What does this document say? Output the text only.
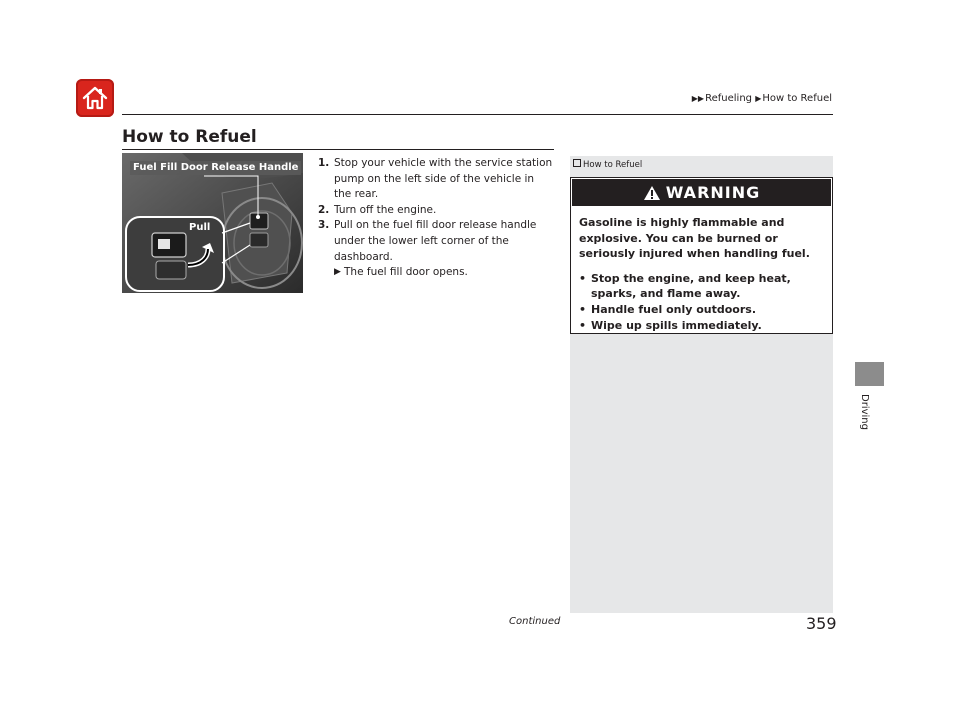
▶▶Refueling ▶How to Refuel
How to Refuel
Fuel Fill Door Release Handle
Pull
1. Stop your vehicle with the service station pump on the left side of the vehicle in the rear.
2. Turn off the engine.
3. Pull on the fuel fill door release handle under the lower left corner of the dashboard.
▶ The fuel fill door opens.
How to Refuel
WARNING
Gasoline is highly flammable and explosive. You can be burned or seriously injured when handling fuel.
• Stop the engine, and keep heat, sparks, and flame away.
• Handle fuel only outdoors.
• Wipe up spills immediately.
Continued	359
Driving
